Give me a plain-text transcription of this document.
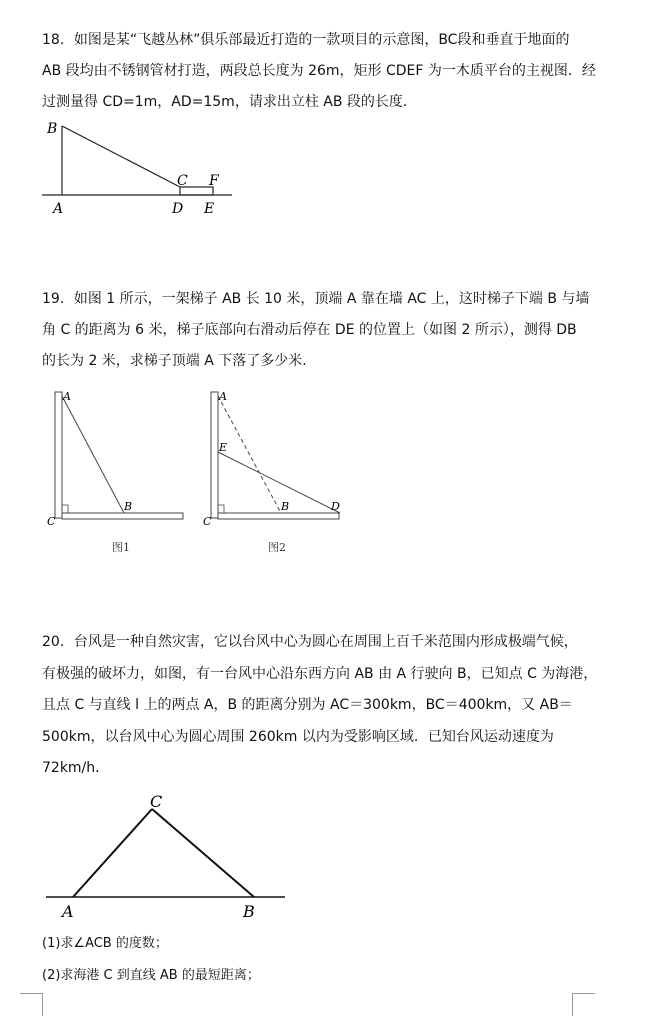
18．如图是某“飞越丛林”俱乐部最近打造的一款项目的示意图，BC段和垂直于地面的
AB 段均由不锈钢管材打造，两段总长度为 26m，矩形 CDEF 为一木质平台的主视图．经
过测量得 CD=1m，AD=15m，请求出立柱 AB 段的长度．
B
A
C F
D E
19．如图 1 所示，一架梯子 AB 长 10 米，顶端 A 靠在墙 AC 上，这时梯子下端 B 与墙
角 C 的距离为 6 米，梯子底部向右滑动后停在 DE 的位置上（如图 2 所示），测得 DB
的长为 2 米，求梯子顶端 A 下落了多少米．
A
B
C
图1
A
E
B	D
C
图2
20．台风是一种自然灾害，它以台风中心为圆心在周围上百千米范围内形成极端气候，
有极强的破坏力，如图，有一台风中心沿东西方向 AB 由 A 行驶向 B，已知点 C 为海港，
且点 C 与直线 l 上的两点 A，B 的距离分别为 AC＝300km，BC＝400km，又 AB＝
500km，以台风中心为圆心周围 260km 以内为受影响区域．已知台风运动速度为
72km/h．
C
A	B
(1)求∠ACB 的度数；
(2)求海港 C 到直线 AB 的最短距离；
